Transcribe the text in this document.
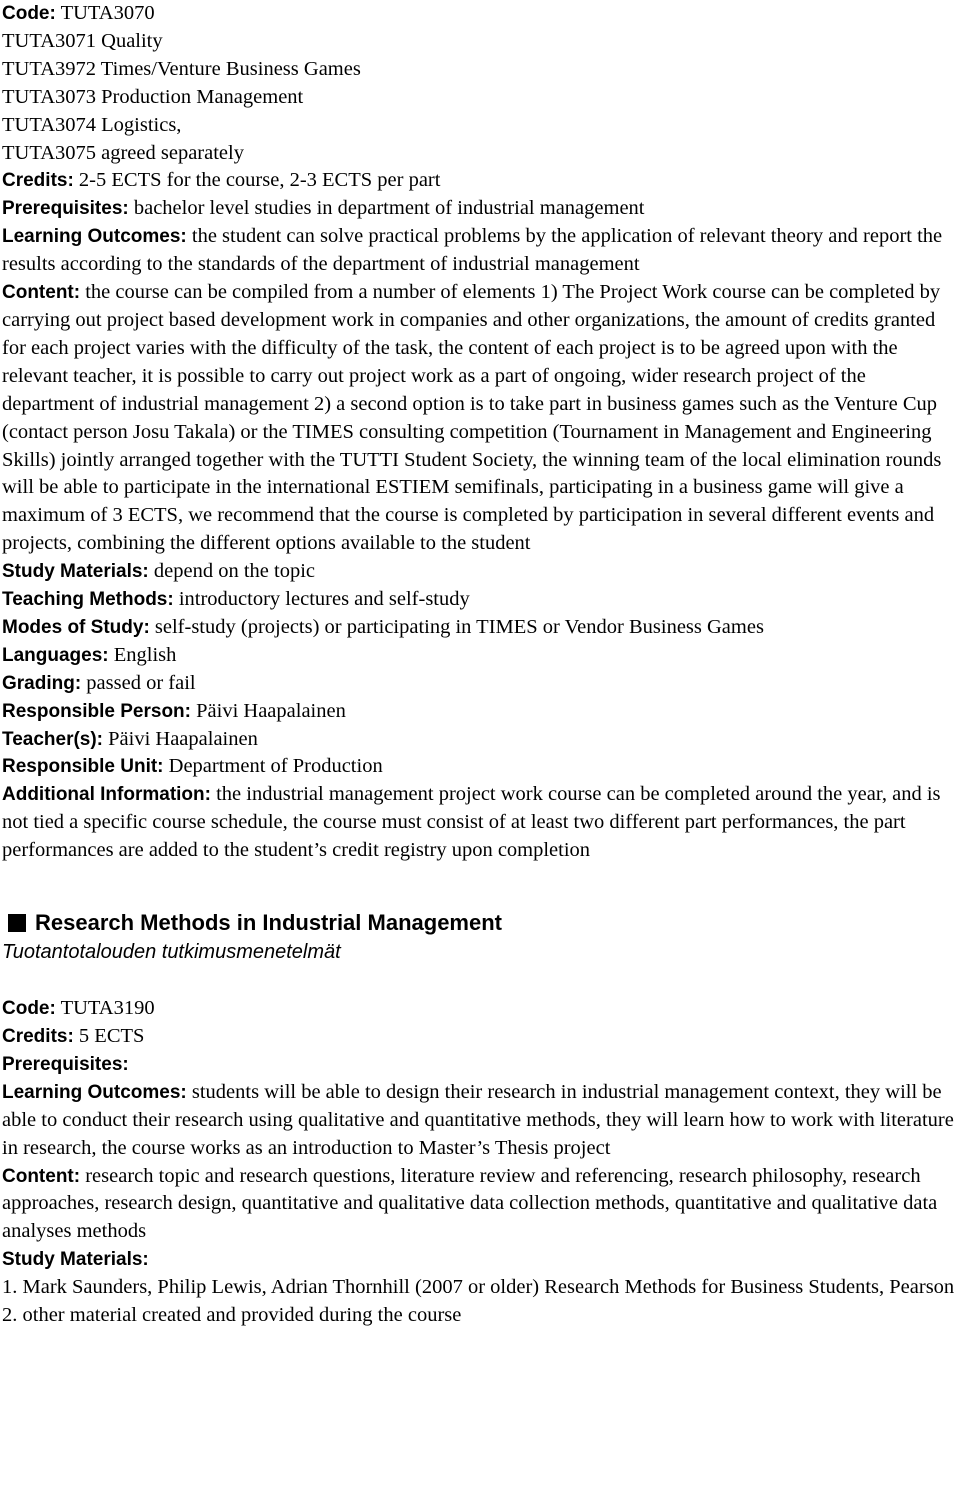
Code: TUTA3070
TUTA3071 Quality
TUTA3972 Times/Venture Business Games
TUTA3073 Production Management
TUTA3074 Logistics,
TUTA3075 agreed separately
Credits: 2-5 ECTS for the course, 2-3 ECTS per part
Prerequisites: bachelor level studies in department of industrial management
Learning Outcomes: the student can solve practical problems by the application of relevant theory and report the results according to the standards of the department of industrial management
Content: the course can be compiled from a number of elements 1) The Project Work course can be completed by carrying out project based development work in companies and other organizations, the amount of credits granted for each project varies with the difficulty of the task, the content of each project is to be agreed upon with the relevant teacher, it is possible to carry out project work as a part of ongoing, wider research project of the department of industrial management 2) a second option is to take part in business games such as the Venture Cup (contact person Josu Takala) or the TIMES consulting competition (Tournament in Management and Engineering Skills) jointly arranged together with the TUTTI Student Society, the winning team of the local elimination rounds will be able to participate in the international ESTIEM semifinals, participating in a business game will give a maximum of 3 ECTS, we recommend that the course is completed by participation in several different events and projects, combining the different options available to the student
Study Materials: depend on the topic
Teaching Methods: introductory lectures and self-study
Modes of Study: self-study (projects) or participating in TIMES or Vendor Business Games
Languages: English
Grading: passed or fail
Responsible Person: Päivi Haapalainen
Teacher(s): Päivi Haapalainen
Responsible Unit: Department of Production
Additional Information: the industrial management project work course can be completed around the year, and is not tied a specific course schedule, the course must consist of at least two different part performances, the part performances are added to the student’s credit registry upon completion
Research Methods in Industrial Management
Tuotantotalouden tutkimusmenetelmät
Code: TUTA3190
Credits: 5 ECTS
Prerequisites:
Learning Outcomes: students will be able to design their research in industrial management context, they will be able to conduct their research using qualitative and quantitative methods, they will learn how to work with literature in research, the course works as an introduction to Master’s Thesis project
Content: research topic and research questions, literature review and referencing, research philosophy, research approaches, research design, quantitative and qualitative data collection methods, quantitative and qualitative data analyses methods
Study Materials:
1. Mark Saunders, Philip Lewis, Adrian Thornhill (2007 or older) Research Methods for Business Students, Pearson
2. other material created and provided during the course
